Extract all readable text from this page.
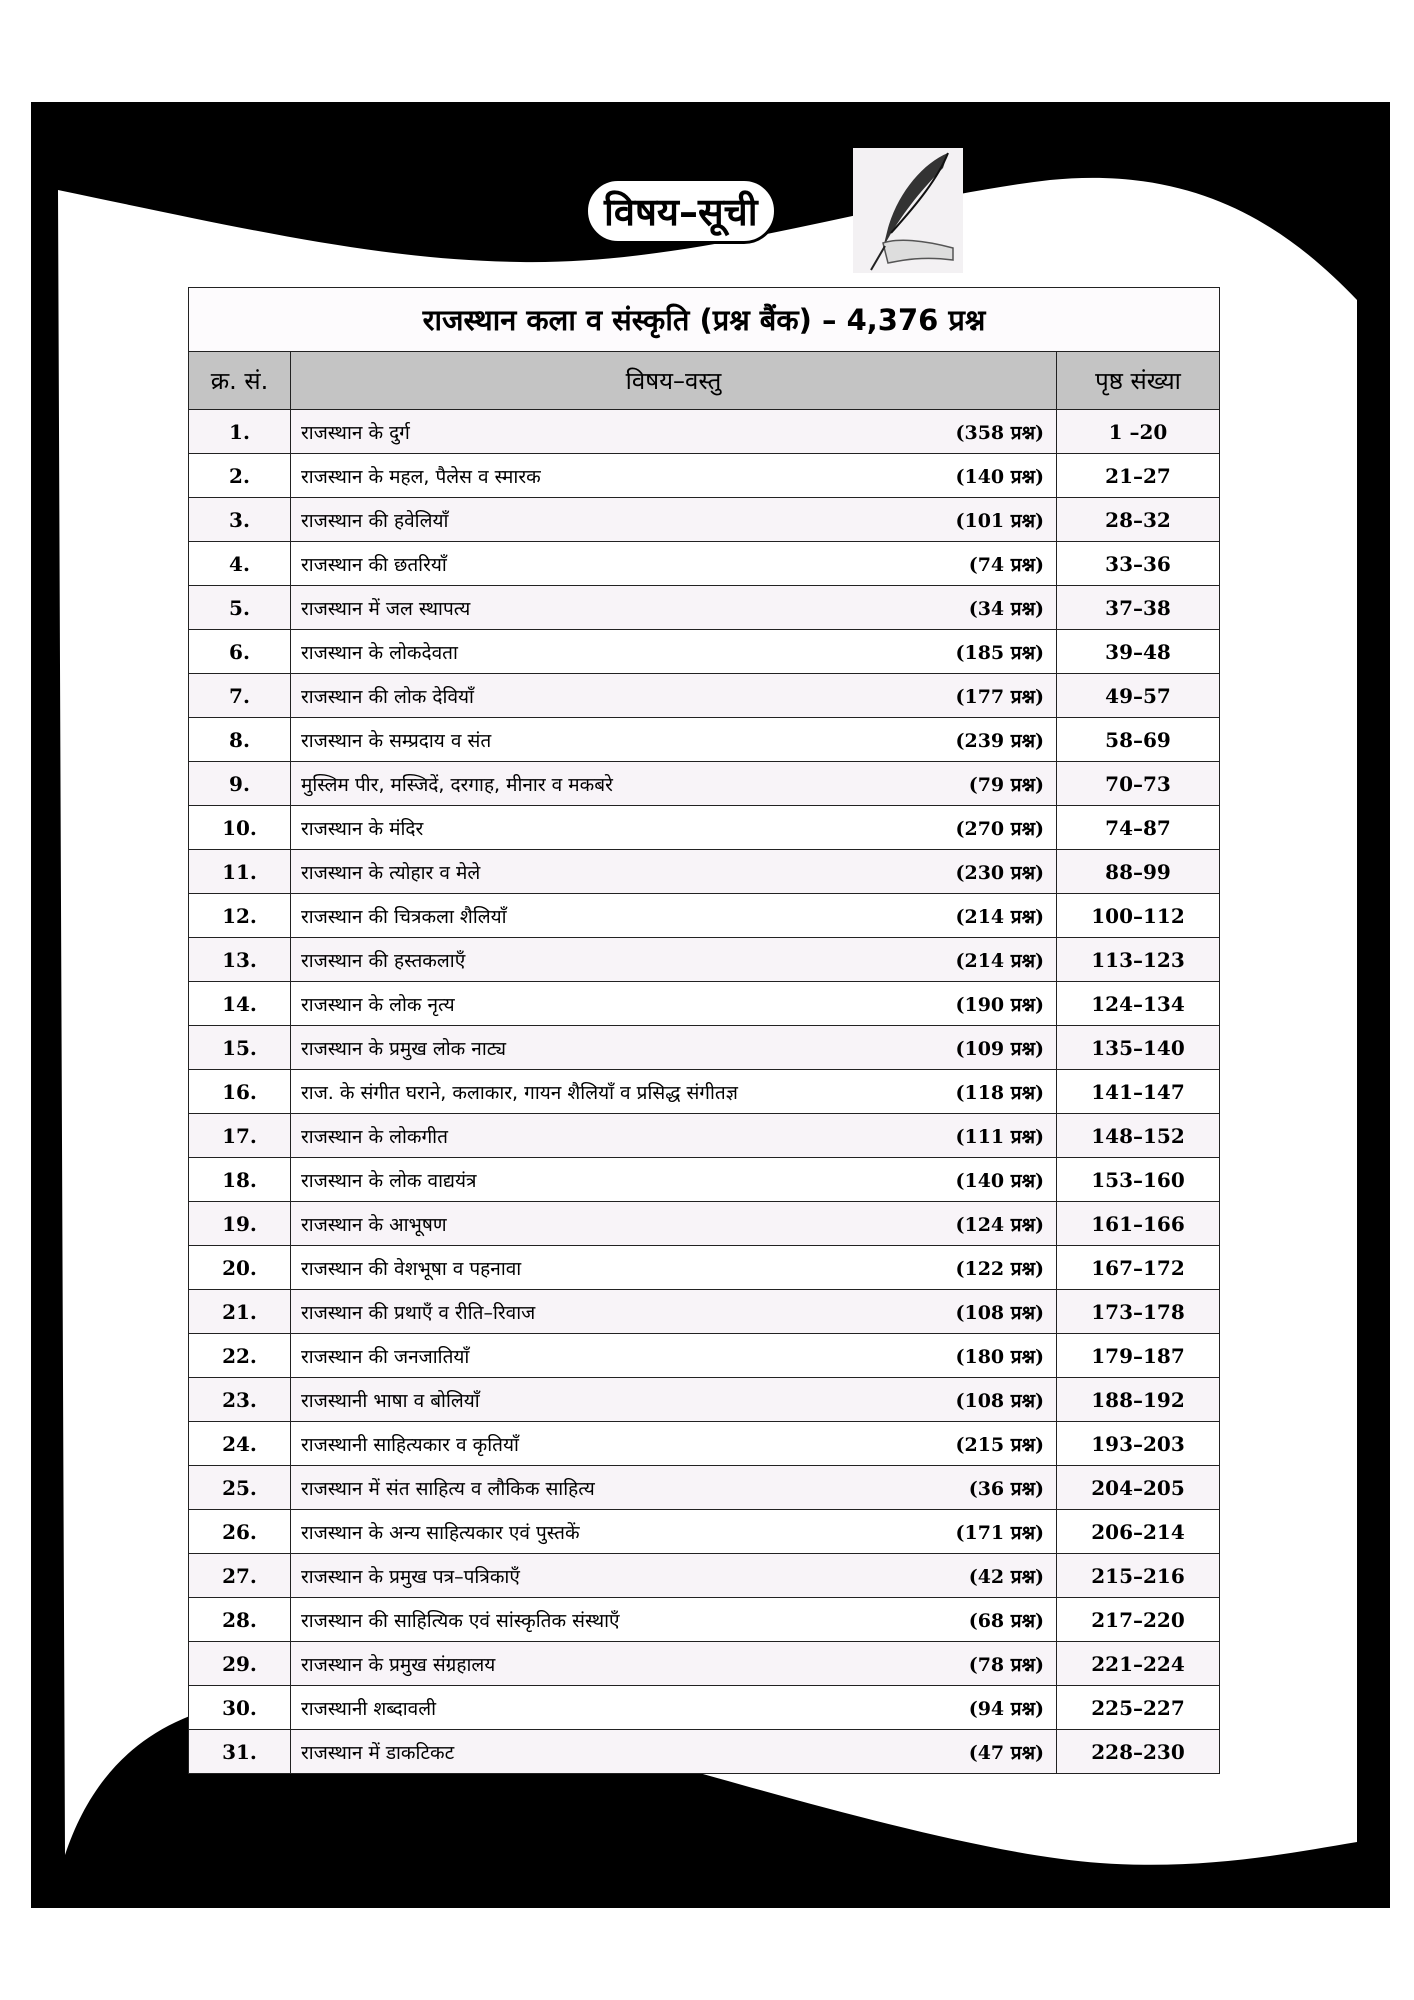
विषय–सूची
राजस्थान कला व संस्कृति (प्रश्न बैंक) – 4,376 प्रश्न		
क्र. सं.	विषय–वस्तु	पृष्ठ संख्या
1.	राजस्थान के दुर्ग (358 प्रश्न)	1 –20
2.	राजस्थान के महल, पैलेस व स्मारक (140 प्रश्न)	21–27
3.	राजस्थान की हवेलियाँ (101 प्रश्न)	28–32
4.	राजस्थान की छतरियाँ (74 प्रश्न)	33–36
5.	राजस्थान में जल स्थापत्य (34 प्रश्न)	37–38
6.	राजस्थान के लोकदेवता (185 प्रश्न)	39–48
7.	राजस्थान की लोक देवियाँ (177 प्रश्न)	49–57
8.	राजस्थान के सम्प्रदाय व संत (239 प्रश्न)	58–69
9.	मुस्लिम पीर, मस्जिदें, दरगाह, मीनार व मकबरे (79 प्रश्न)	70–73
10.	राजस्थान के मंदिर (270 प्रश्न)	74–87
11.	राजस्थान के त्योहार व मेले (230 प्रश्न)	88–99
12.	राजस्थान की चित्रकला शैलियाँ (214 प्रश्न)	100–112
13.	राजस्थान की हस्तकलाएँ (214 प्रश्न)	113–123
14.	राजस्थान के लोक नृत्य (190 प्रश्न)	124–134
15.	राजस्थान के प्रमुख लोक नाट्य (109 प्रश्न)	135–140
16.	राज. के संगीत घराने, कलाकार, गायन शैलियाँ व प्रसिद्ध संगीतज्ञ (118 प्रश्न)	141–147
17.	राजस्थान के लोकगीत (111 प्रश्न)	148–152
18.	राजस्थान के लोक वाद्ययंत्र (140 प्रश्न)	153–160
19.	राजस्थान के आभूषण (124 प्रश्न)	161–166
20.	राजस्थान की वेशभूषा व पहनावा (122 प्रश्न)	167–172
21.	राजस्थान की प्रथाएँ व रीति–रिवाज (108 प्रश्न)	173–178
22.	राजस्थान की जनजातियाँ (180 प्रश्न)	179–187
23.	राजस्थानी भाषा व बोलियाँ (108 प्रश्न)	188–192
24.	राजस्थानी साहित्यकार व कृतियाँ (215 प्रश्न)	193–203
25.	राजस्थान में संत साहित्य व लौकिक साहित्य (36 प्रश्न)	204–205
26.	राजस्थान के अन्य साहित्यकार एवं पुस्तकें (171 प्रश्न)	206–214
27.	राजस्थान के प्रमुख पत्र–पत्रिकाएँ (42 प्रश्न)	215–216
28.	राजस्थान की साहित्यिक एवं सांस्कृतिक संस्थाएँ (68 प्रश्न)	217–220
29.	राजस्थान के प्रमुख संग्रहालय (78 प्रश्न)	221–224
30.	राजस्थानी शब्दावली (94 प्रश्न)	225–227
31.	राजस्थान में डाकटिकट (47 प्रश्न)	228–230
